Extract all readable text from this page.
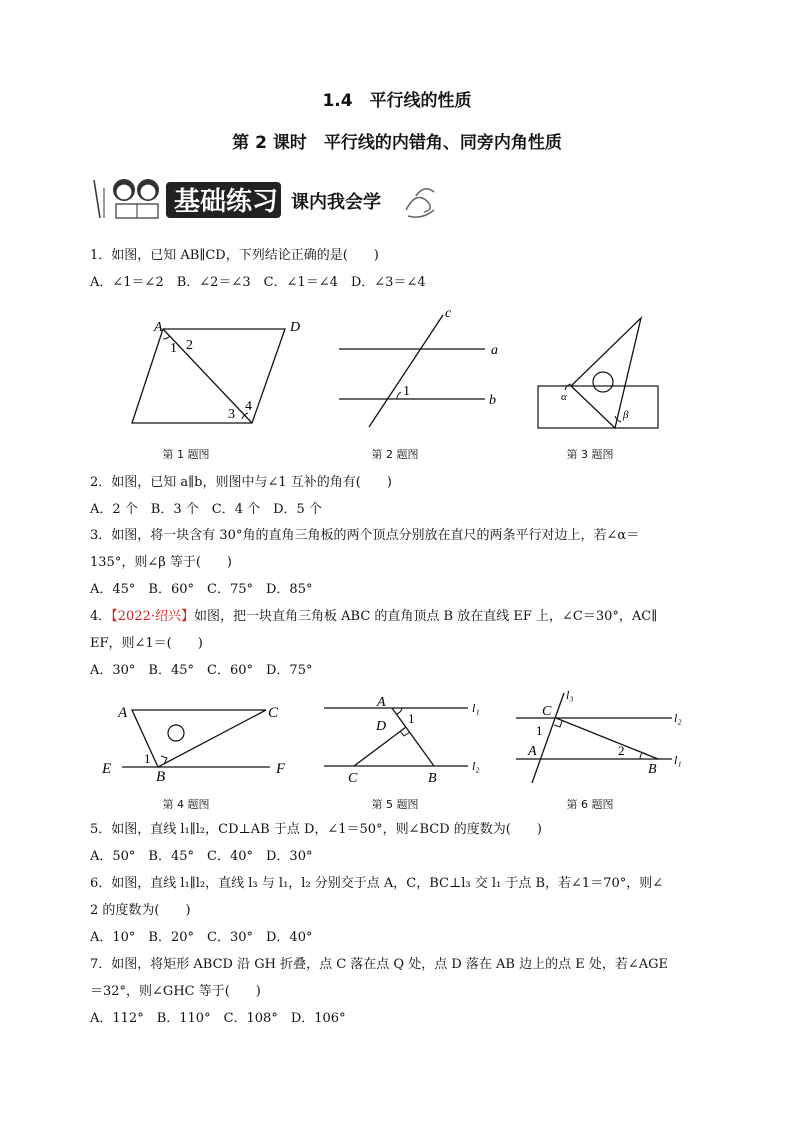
1.4　平行线的性质
第 2 课时　平行线的内错角、同旁内角性质
基础练习 课内我会学
1．如图，已知 AB∥CD，下列结论正确的是(　　)
A．∠1＝∠2　B．∠2＝∠3　C．∠1＝∠4　D．∠3＝∠4
A	D
1 2
3
4
第 1 题图
c
a
b
1
第 2 题图
α
β
第 3 题图
2．如图，已知 a∥b，则图中与∠1 互补的角有(　　)
A．2 个　B．3 个　C．4 个　D．5 个
3．如图，将一块含有 30°角的直角三角板的两个顶点分别放在直尺的两条平行对边上，若∠α＝
135°，则∠β 等于(　　)
A．45°　B．60°　C．75°　D．85°
4．【2022·绍兴】如图，把一块直角三角板 ABC 的直角顶点 B 放在直线 EF 上，∠C＝30°，AC∥
EF，则∠1＝(　　)
A．30°　B．45°　C．60°　D．75°
A	C
E	B	F
1
第 4 题图
A
1
D
C	B
l₁
l₂
第 5 题图
l₃
C
1
A	2
B
l₂
l₁
第 6 题图
5．如图，直线 l₁∥l₂，CD⊥AB 于点 D，∠1＝50°，则∠BCD 的度数为(　　)
A．50°　B．45°　C．40°　D．30°
6．如图，直线 l₁∥l₂，直线 l₃ 与 l₁，l₂ 分别交于点 A，C，BC⊥l₃ 交 l₁ 于点 B，若∠1＝70°，则∠
2 的度数为(　　)
A．10°　B．20°　C．30°　D．40°
7．如图，将矩形 ABCD 沿 GH 折叠，点 C 落在点 Q 处，点 D 落在 AB 边上的点 E 处，若∠AGE
＝32°，则∠GHC 等于(　　)
A．112°　B．110°　C．108°　D．106°
